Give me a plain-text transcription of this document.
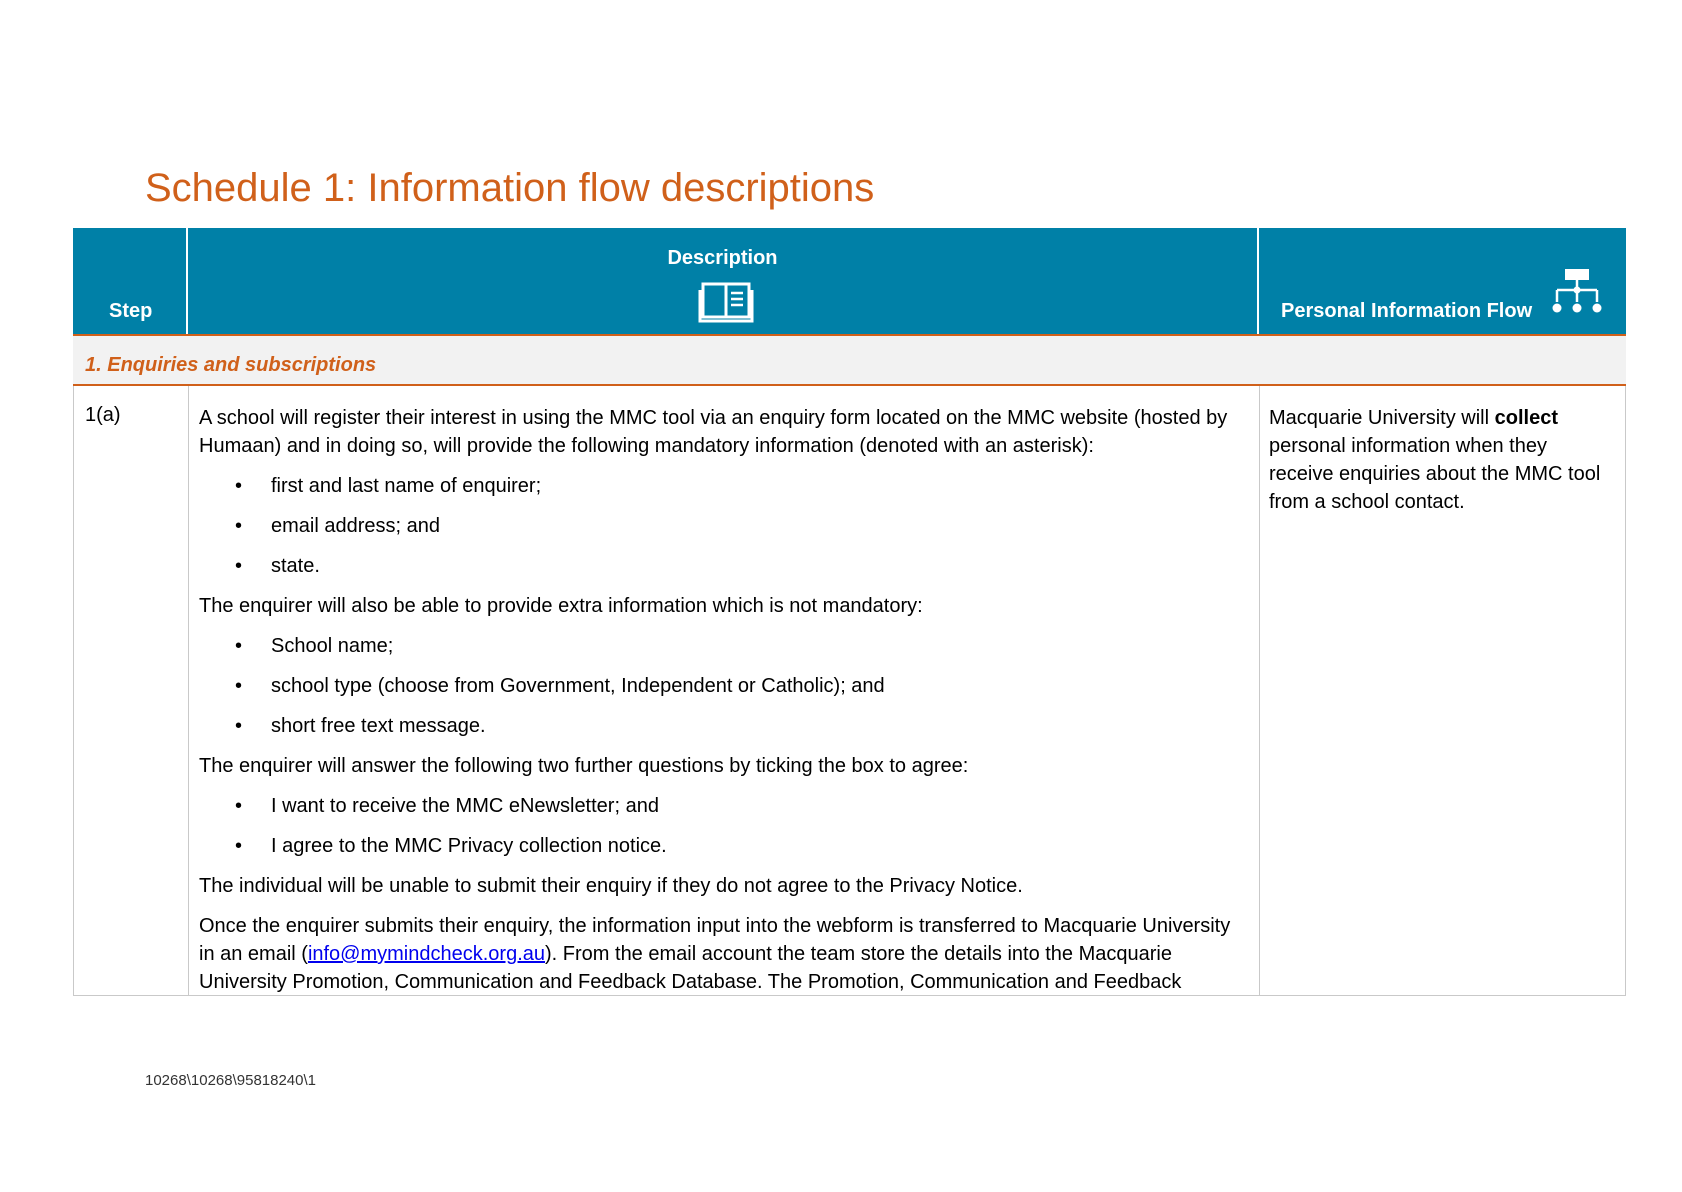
Schedule 1: Information flow descriptions
Step
Description
Personal Information Flow
1. Enquiries and subscriptions
1(a)	A school will register their interest in using the MMC tool via an enquiry form located on the MMC website (hosted by Humaan) and in doing so, will provide the following mandatory information (denoted with an asterisk):

• first and last name of enquirer;
• email address; and
• state.

The enquirer will also be able to provide extra information which is not mandatory:

• School name;
• school type (choose from Government, Independent or Catholic); and
• short free text message.

The enquirer will answer the following two further questions by ticking the box to agree:

• I want to receive the MMC eNewsletter; and
• I agree to the MMC Privacy collection notice.

The individual will be unable to submit their enquiry if they do not agree to the Privacy Notice.

Once the enquirer submits their enquiry, the information input into the webform is transferred to Macquarie University in an email (info@mymindcheck.org.au). From the email account the team store the details into the Macquarie University Promotion, Communication and Feedback Database. The Promotion, Communication and Feedback

Macquarie University will collect personal information when they receive enquiries about the MMC tool from a school contact.
10268\10268\95818240\1
